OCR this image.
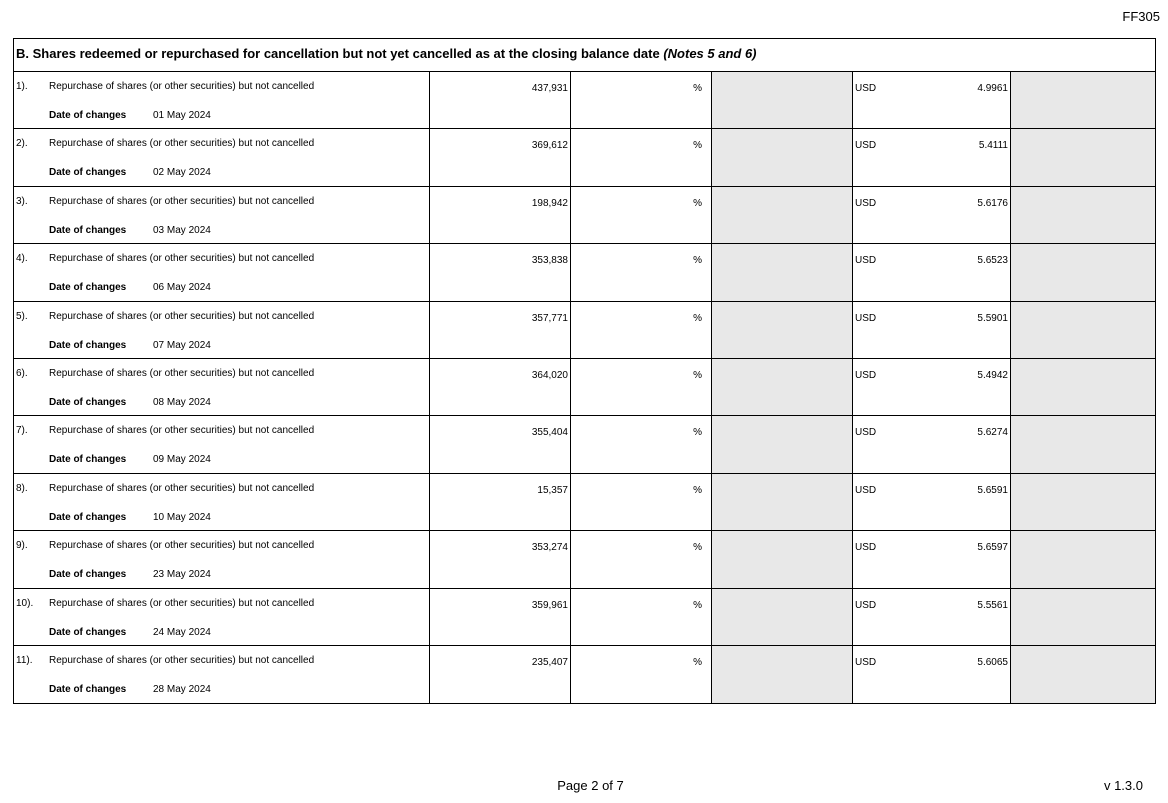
FF305
B. Shares redeemed or repurchased for cancellation but not yet cancelled as at the closing balance date (Notes 5 and 6)
1). Repurchase of shares (or other securities) but not cancelled
Date of changes	01 May 2024
437,931	%	USD	4.9961
2). Repurchase of shares (or other securities) but not cancelled
Date of changes	02 May 2024
369,612	%	USD	5.4111
3). Repurchase of shares (or other securities) but not cancelled
Date of changes	03 May 2024
198,942	%	USD	5.6176
4). Repurchase of shares (or other securities) but not cancelled
Date of changes	06 May 2024
353,838	%	USD	5.6523
5). Repurchase of shares (or other securities) but not cancelled
Date of changes	07 May 2024
357,771	%	USD	5.5901
6). Repurchase of shares (or other securities) but not cancelled
Date of changes	08 May 2024
364,020	%	USD	5.4942
7). Repurchase of shares (or other securities) but not cancelled
Date of changes	09 May 2024
355,404	%	USD	5.6274
8). Repurchase of shares (or other securities) but not cancelled
Date of changes	10 May 2024
15,357	%	USD	5.6591
9). Repurchase of shares (or other securities) but not cancelled
Date of changes	23 May 2024
353,274	%	USD	5.6597
10). Repurchase of shares (or other securities) but not cancelled
Date of changes	24 May 2024
359,961	%	USD	5.5561
11). Repurchase of shares (or other securities) but not cancelled
Date of changes	28 May 2024
235,407	%	USD	5.6065
Page 2 of 7	v 1.3.0
